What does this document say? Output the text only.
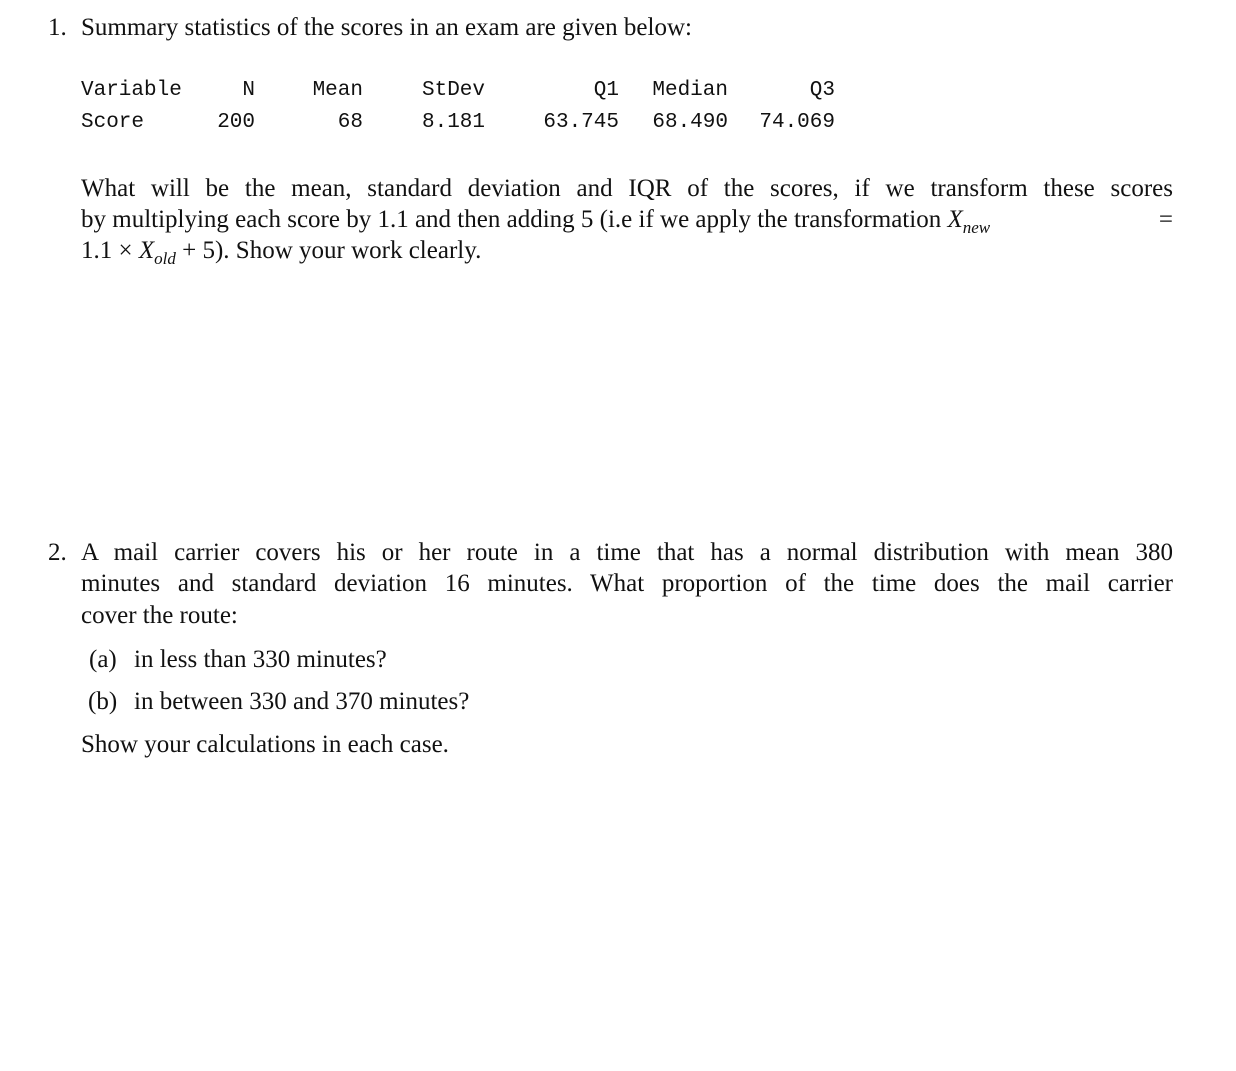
1. Summary statistics of the scores in an exam are given below:
Variable	N	Mean	StDev	Q1	Median	Q3
Score	200	68	8.181	63.745	68.490	74.069
What will be the mean, standard deviation and IQR of the scores, if we transform these scores
by multiplying each score by 1.1 and then adding 5 (i.e if we apply the transformation $X_{new}$	=
$1.1 \times X_{old} + 5$). Show your work clearly.
2. A mail carrier covers his or her route in a time that has a normal distribution with mean 380
minutes and standard deviation 16 minutes. What proportion of the time does the mail carrier
cover the route:
(a) in less than 330 minutes?
(b) in between 330 and 370 minutes?
Show your calculations in each case.
